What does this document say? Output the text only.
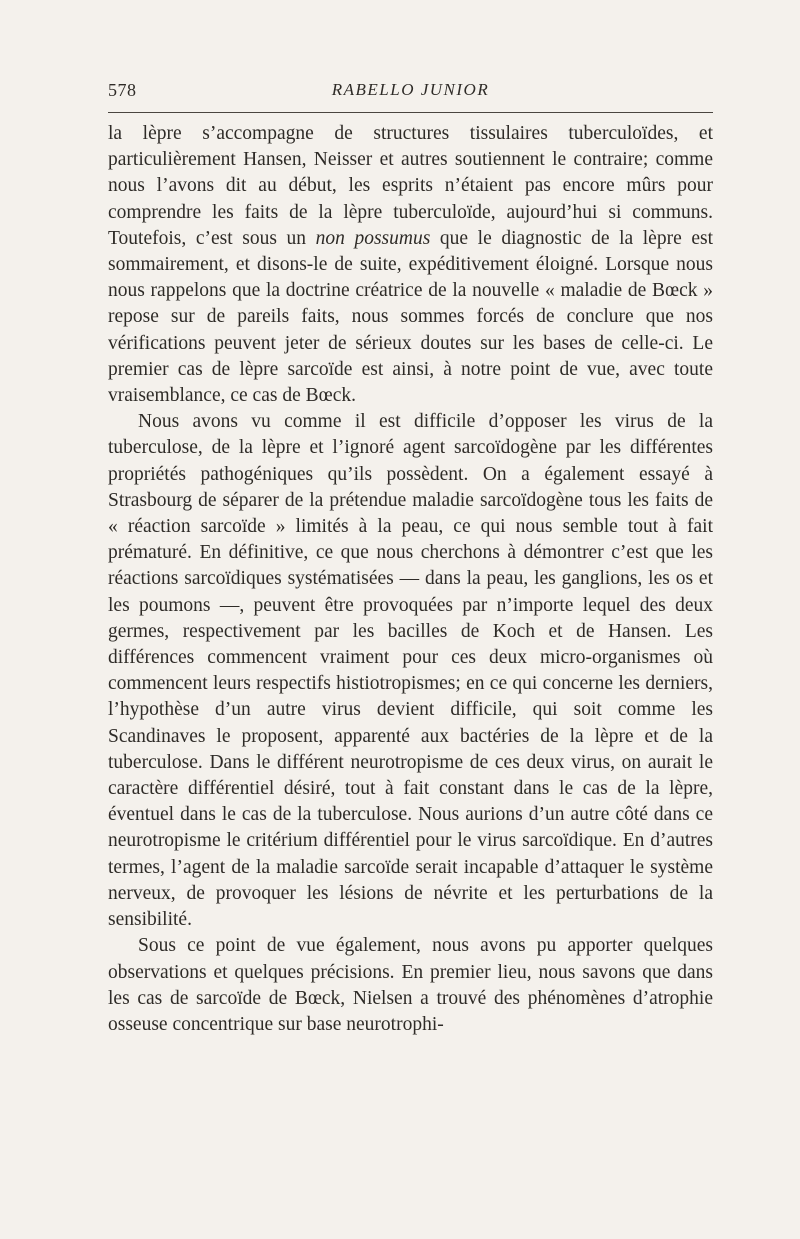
578	RABELLO JUNIOR

la lèpre s’accompagne de structures tissulaires tuberculoïdes, et particulièrement Hansen, Neisser et autres soutiennent le contraire; comme nous l’avons dit au début, les esprits n’étaient pas encore mûrs pour comprendre les faits de la lèpre tuberculoïde, aujourd’hui si communs. Toutefois, c’est sous un non possumus que le diagnostic de la lèpre est sommairement, et disons-le de suite, expéditivement éloigné. Lorsque nous nous rappelons que la doctrine créatrice de la nouvelle « maladie de Bœck » repose sur de pareils faits, nous sommes forcés de conclure que nos vérifications peuvent jeter de sérieux doutes sur les bases de celle-ci. Le premier cas de lèpre sarcoïde est ainsi, à notre point de vue, avec toute vraisemblance, ce cas de Bœck.

Nous avons vu comme il est difficile d’opposer les virus de la tuberculose, de la lèpre et l’ignoré agent sarcoïdogène par les différentes propriétés pathogéniques qu’ils possèdent. On a également essayé à Strasbourg de séparer de la prétendue maladie sarcoïdogène tous les faits de « réaction sarcoïde » limités à la peau, ce qui nous semble tout à fait prématuré. En définitive, ce que nous cherchons à démontrer c’est que les réactions sarcoïdiques systématisées — dans la peau, les ganglions, les os et les poumons —, peuvent être provoquées par n’importe lequel des deux germes, respectivement par les bacilles de Koch et de Hansen. Les différences commencent vraiment pour ces deux micro-organismes où commencent leurs respectifs histiotropismes; en ce qui concerne les derniers, l’hypothèse d’un autre virus devient difficile, qui soit comme les Scandinaves le proposent, apparenté aux bactéries de la lèpre et de la tuberculose. Dans le différent neurotropisme de ces deux virus, on aurait le caractère différentiel désiré, tout à fait constant dans le cas de la lèpre, éventuel dans le cas de la tuberculose. Nous aurions d’un autre côté dans ce neurotropisme le critérium différentiel pour le virus sarcoïdique. En d’autres termes, l’agent de la maladie sarcoïde serait incapable d’attaquer le système nerveux, de provoquer les lésions de névrite et les perturbations de la sensibilité.

Sous ce point de vue également, nous avons pu apporter quelques observations et quelques précisions. En premier lieu, nous savons que dans les cas de sarcoïde de Bœck, Nielsen a trouvé des phénomènes d’atrophie osseuse concentrique sur base neurotrophi-
